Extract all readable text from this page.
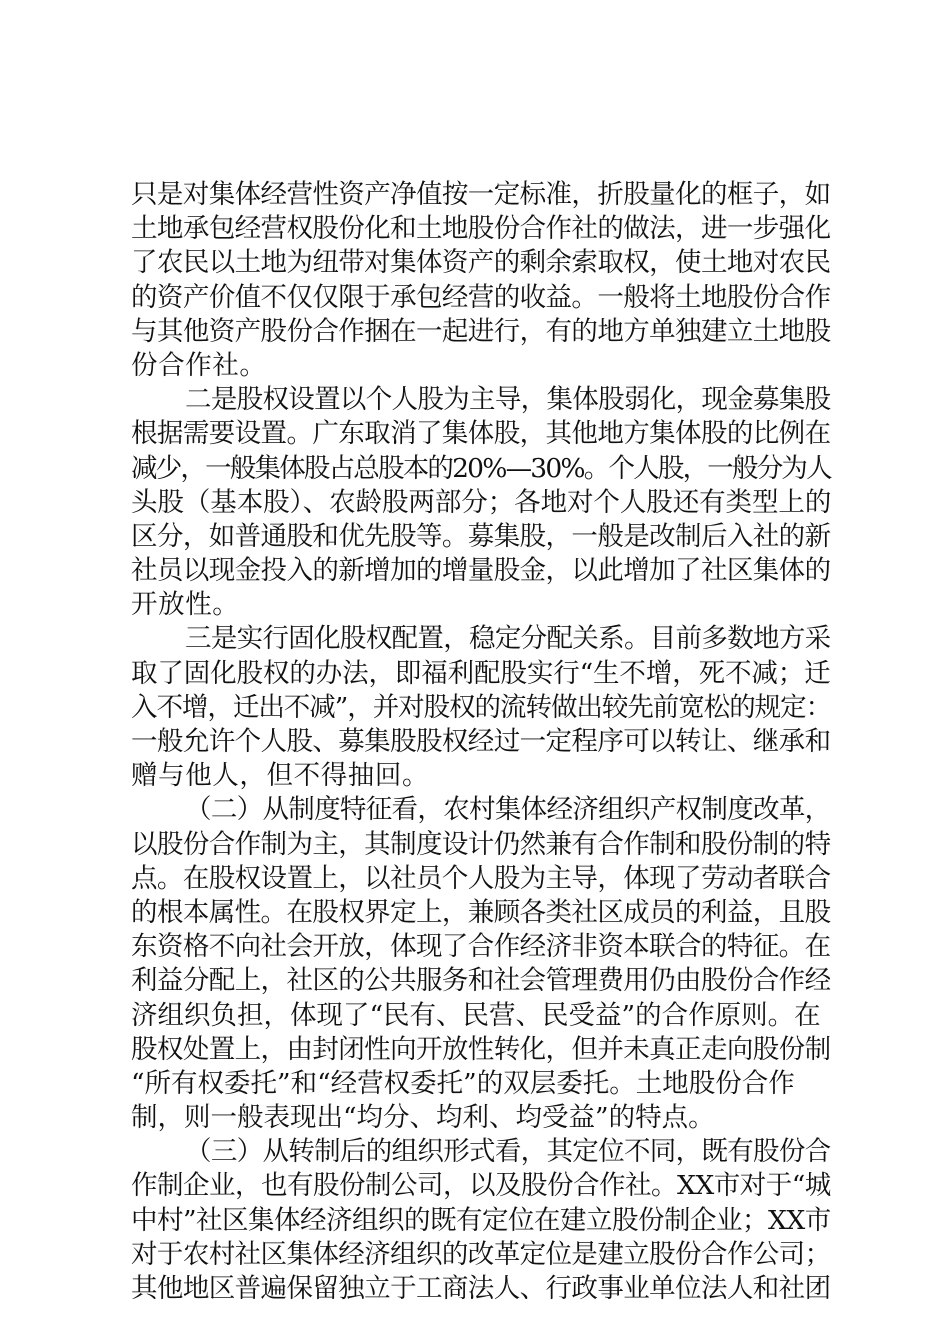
只是对集体经营性资产净值按一定标准，折股量化的框子，如
土地承包经营权股份化和土地股份合作社的做法，进一步强化
了农民以土地为纽带对集体资产的剩余索取权，使土地对农民
的资产价值不仅仅限于承包经营的收益。一般将土地股份合作
与其他资产股份合作捆在一起进行，有的地方单独建立土地股
份合作社。
二是股权设置以个人股为主导，集体股弱化，现金募集股
根据需要设置。广东取消了集体股，其他地方集体股的比例在
减少，一般集体股占总股本的20%—30%。个人股，一般分为人
头股（基本股）、农龄股两部分；各地对个人股还有类型上的
区分，如普通股和优先股等。募集股，一般是改制后入社的新
社员以现金投入的新增加的增量股金，以此增加了社区集体的
开放性。
三是实行固化股权配置，稳定分配关系。目前多数地方采
取了固化股权的办法，即福利配股实行“生不增，死不减；迁
入不增，迁出不减”，并对股权的流转做出较先前宽松的规定：
一般允许个人股、募集股股权经过一定程序可以转让、继承和
赠与他人，但不得抽回。
（二）从制度特征看，农村集体经济组织产权制度改革，
以股份合作制为主，其制度设计仍然兼有合作制和股份制的特
点。在股权设置上，以社员个人股为主导，体现了劳动者联合
的根本属性。在股权界定上，兼顾各类社区成员的利益，且股
东资格不向社会开放，体现了合作经济非资本联合的特征。在
利益分配上，社区的公共服务和社会管理费用仍由股份合作经
济组织负担，体现了“民有、民营、民受益”的合作原则。在
股权处置上，由封闭性向开放性转化，但并未真正走向股份制
“所有权委托”和“经营权委托”的双层委托。土地股份合作
制，则一般表现出“均分、均利、均受益”的特点。
（三）从转制后的组织形式看，其定位不同，既有股份合
作制企业，也有股份制公司，以及股份合作社。XX市对于“城
中村”社区集体经济组织的既有定位在建立股份制企业；XX市
对于农村社区集体经济组织的改革定位是建立股份合作公司；
其他地区普遍保留独立于工商法人、行政事业单位法人和社团
